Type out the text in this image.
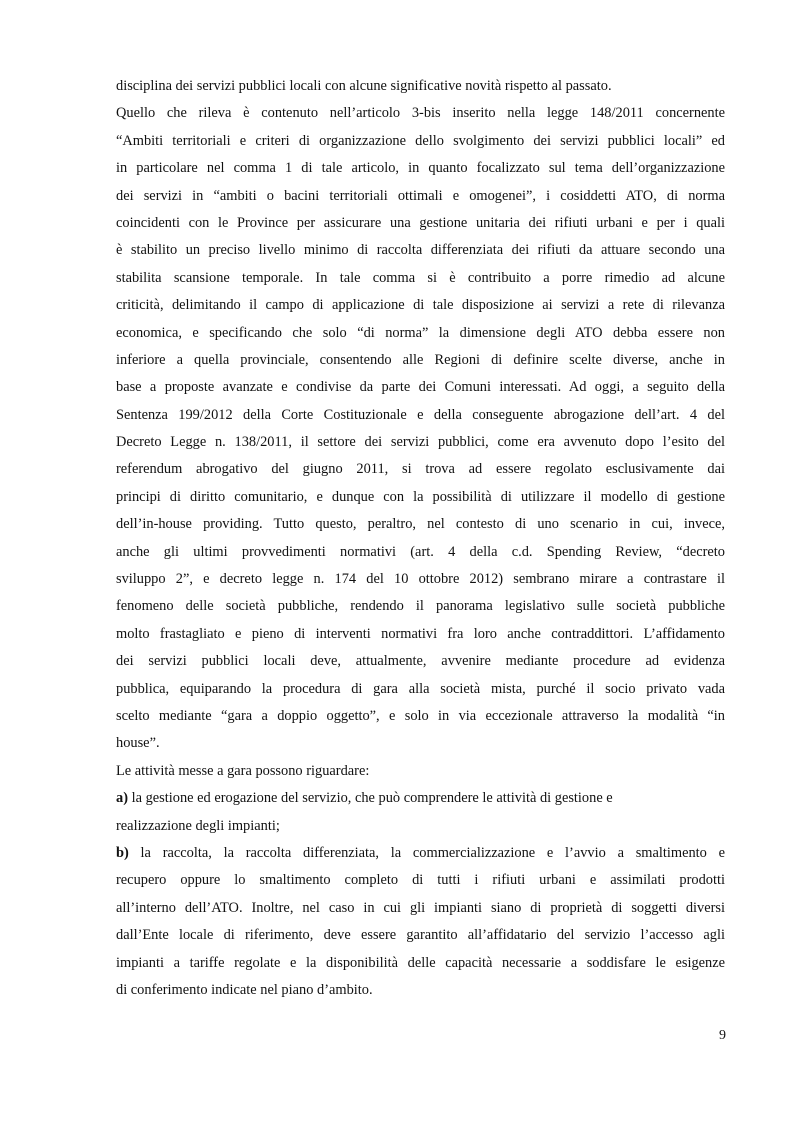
disciplina dei servizi pubblici locali con alcune significative novità rispetto al passato.
Quello che rileva è contenuto nell’articolo 3-bis inserito nella legge 148/2011 concernente
“Ambiti territoriali e criteri di organizzazione dello svolgimento dei servizi pubblici locali” ed
in particolare nel comma 1 di tale articolo, in quanto focalizzato sul tema dell’organizzazione
dei servizi in “ambiti o bacini territoriali ottimali e omogenei”, i cosiddetti ATO, di norma
coincidenti con le Province per assicurare una gestione unitaria dei rifiuti urbani e per i quali
è stabilito un preciso livello minimo di raccolta differenziata dei rifiuti da attuare secondo una
stabilita scansione temporale. In tale comma si è contribuito a porre rimedio ad alcune
criticità, delimitando il campo di applicazione di tale disposizione ai servizi a rete di rilevanza
economica, e specificando che solo “di norma” la dimensione degli ATO debba essere non
inferiore a quella provinciale, consentendo alle Regioni di definire scelte diverse, anche in
base a proposte avanzate e condivise da parte dei Comuni interessati. Ad oggi, a seguito della
Sentenza 199/2012 della Corte Costituzionale e della conseguente abrogazione dell’art. 4 del
Decreto Legge n. 138/2011, il settore dei servizi pubblici, come era avvenuto dopo l’esito del
referendum abrogativo del giugno 2011, si trova ad essere regolato esclusivamente dai
principi di diritto comunitario, e dunque con la possibilità di utilizzare il modello di gestione
dell’in-house providing. Tutto questo, peraltro, nel contesto di uno scenario in cui, invece,
anche gli ultimi provvedimenti normativi (art. 4 della c.d. Spending Review, “decreto
sviluppo 2”, e decreto legge n. 174 del 10 ottobre 2012) sembrano mirare a contrastare il
fenomeno delle società pubbliche, rendendo il panorama legislativo sulle società pubbliche
molto frastagliato e pieno di interventi normativi fra loro anche contraddittori. L’affidamento
dei servizi pubblici locali deve, attualmente, avvenire mediante procedure ad evidenza
pubblica, equiparando la procedura di gara alla società mista, purché il socio privato vada
scelto mediante “gara a doppio oggetto”, e solo in via eccezionale attraverso la modalità “in
house”.
Le attività messe a gara possono riguardare:
a) la gestione ed erogazione del servizio, che può comprendere le attività di gestione e
realizzazione degli impianti;
b) la raccolta, la raccolta differenziata, la commercializzazione e l’avvio a smaltimento e
recupero oppure lo smaltimento completo di tutti i rifiuti urbani e assimilati prodotti
all’interno dell’ATO. Inoltre, nel caso in cui gli impianti siano di proprietà di soggetti diversi
dall’Ente locale di riferimento, deve essere garantito all’affidatario del servizio l’accesso agli
impianti a tariffe regolate e la disponibilità delle capacità necessarie a soddisfare le esigenze
di conferimento indicate nel piano d’ambito.
9
